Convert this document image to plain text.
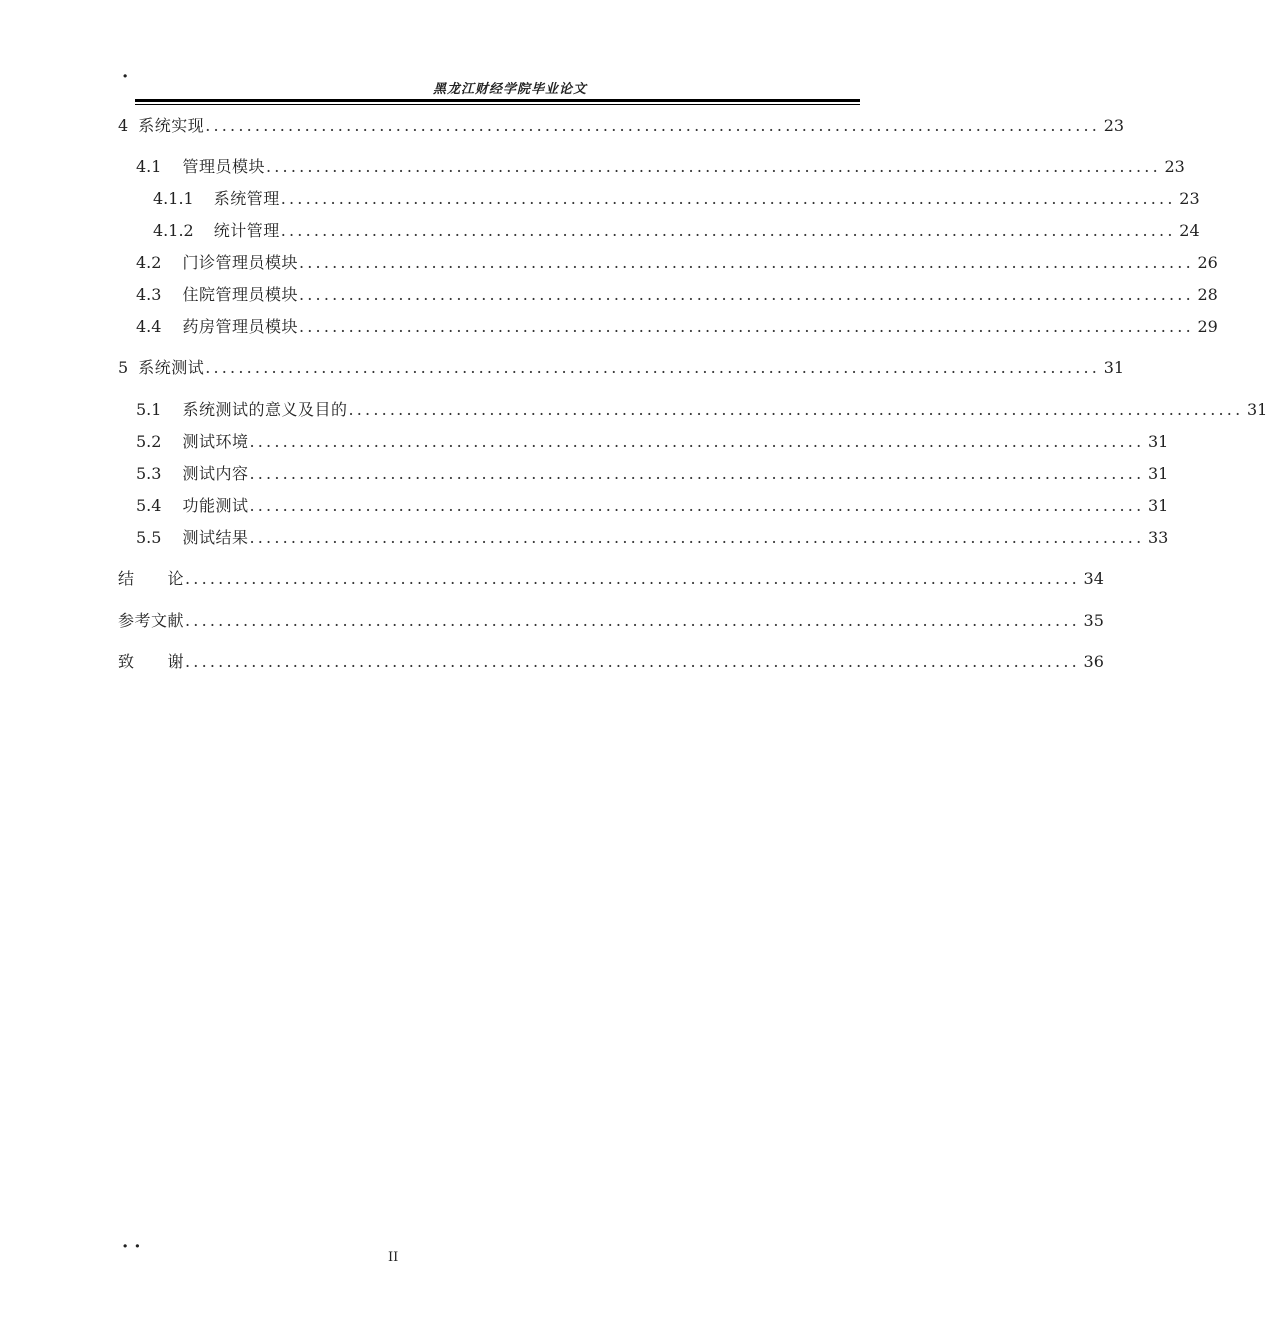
·
黑龙江财经学院毕业论文
4 系统实现 ............................................................................................................ 23
4.1 管理员模块 ............................................................................................................ 23
4.1.1 系统管理 ............................................................................................................ 23
4.1.2 统计管理 ............................................................................................................ 24
4.2 门诊管理员模块 ............................................................................................................ 26
4.3 住院管理员模块 ............................................................................................................ 28
4.4 药房管理员模块 ............................................................................................................ 29
5 系统测试 ............................................................................................................ 31
5.1 系统测试的意义及目的 ............................................................................................................ 31
5.2 测试环境 ............................................................................................................ 31
5.3 测试内容 ............................................................................................................ 31
5.4 功能测试 ............................................................................................................ 31
5.5 测试结果 ............................................................................................................ 33
结　　论 ............................................................................................................ 34
参考文献 ............................................................................................................ 35
致　　谢 ............................................................................................................ 36
··
II
